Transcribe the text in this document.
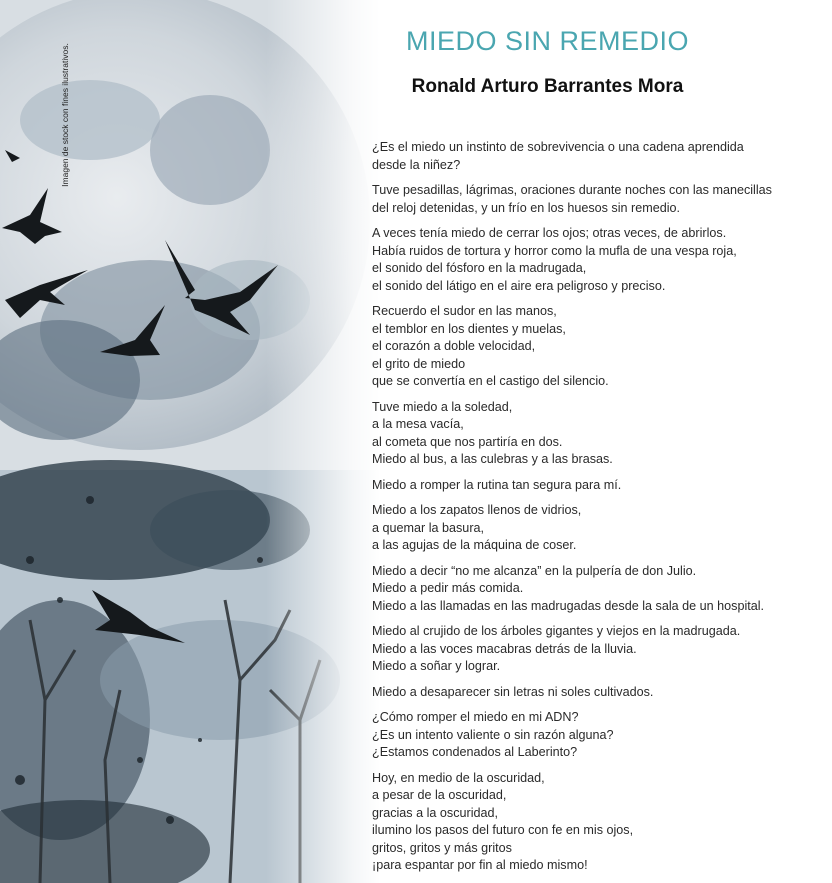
Imagen de stock con fines ilustrativos.
MIEDO SIN REMEDIO
Ronald Arturo Barrantes Mora
¿Es el miedo un instinto de sobrevivencia o una cadena aprendida
desde la niñez?
Tuve pesadillas, lágrimas, oraciones durante noches con las manecillas
del reloj detenidas, y un frío en los huesos sin remedio.
A veces tenía miedo de cerrar los ojos; otras veces, de abrirlos.
Había ruidos de tortura y horror como la mufla de una vespa roja,
el sonido del fósforo en la madrugada,
el sonido del látigo en el aire era peligroso y preciso.
Recuerdo el sudor en las manos,
el temblor en los dientes y muelas,
el corazón a doble velocidad,
el grito de miedo
que se convertía en el castigo del silencio.
Tuve miedo a la soledad,
a la mesa vacía,
al cometa que nos partiría en dos.
Miedo al bus, a las culebras y a las brasas.
Miedo a romper la rutina tan segura para mí.
Miedo a los zapatos llenos de vidrios,
a quemar la basura,
a las agujas de la máquina de coser.
Miedo a decir “no me alcanza” en la pulpería de don Julio.
Miedo a pedir más comida.
Miedo a las llamadas en las madrugadas desde la sala de un hospital.
Miedo al crujido de los árboles gigantes y viejos en la madrugada.
Miedo a las voces macabras detrás de la lluvia.
Miedo a soñar y lograr.
Miedo a desaparecer sin letras ni soles cultivados.
¿Cómo romper el miedo en mi ADN?
¿Es un intento valiente o sin razón alguna?
¿Estamos condenados al Laberinto?
Hoy, en medio de la oscuridad,
a pesar de la oscuridad,
gracias a la oscuridad,
ilumino los pasos del futuro con fe en mis ojos,
gritos, gritos y más gritos
¡para espantar por fin al miedo mismo!
